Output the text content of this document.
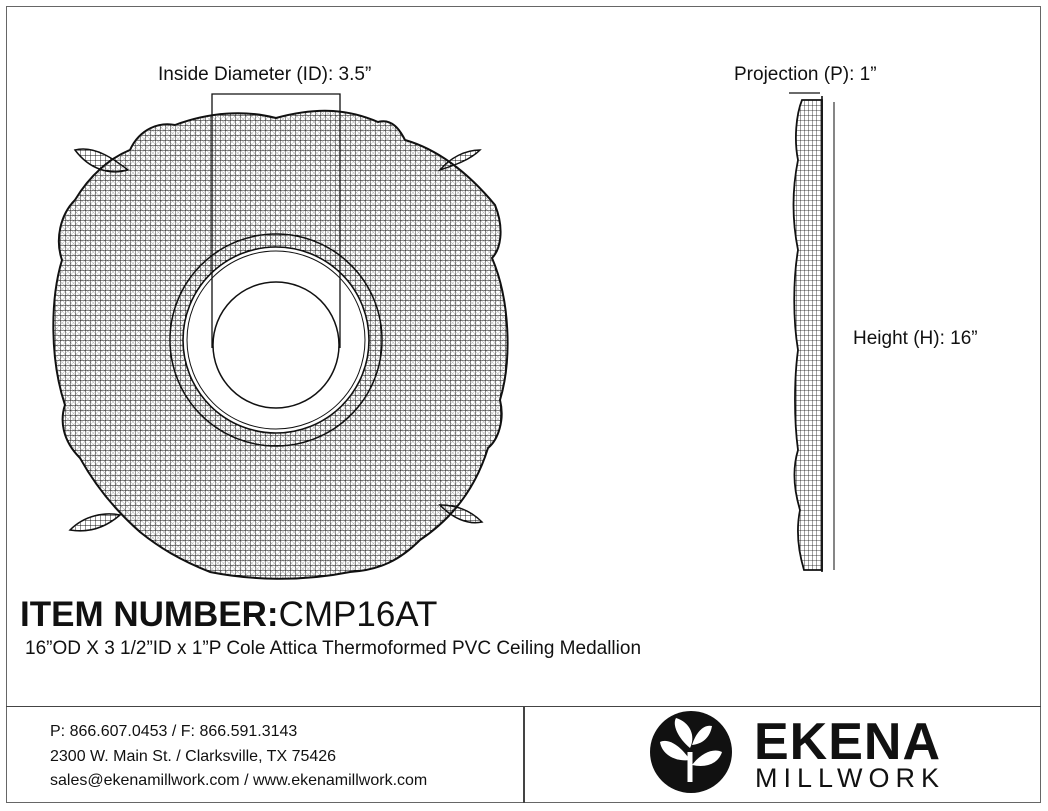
Inside Diameter (ID): 3.5”	Projection (P): 1”
Height (H): 16”
ITEM NUMBER:CMP16AT
16”OD X 3 1/2”ID x 1”P Cole Attica Thermoformed PVC Ceiling Medallion
P: 866.607.0453 / F: 866.591.3143
2300 W. Main St. / Clarksville, TX 75426
sales@ekenamillwork.com / www.ekenamillwork.com
EKENA
MILLWORK
